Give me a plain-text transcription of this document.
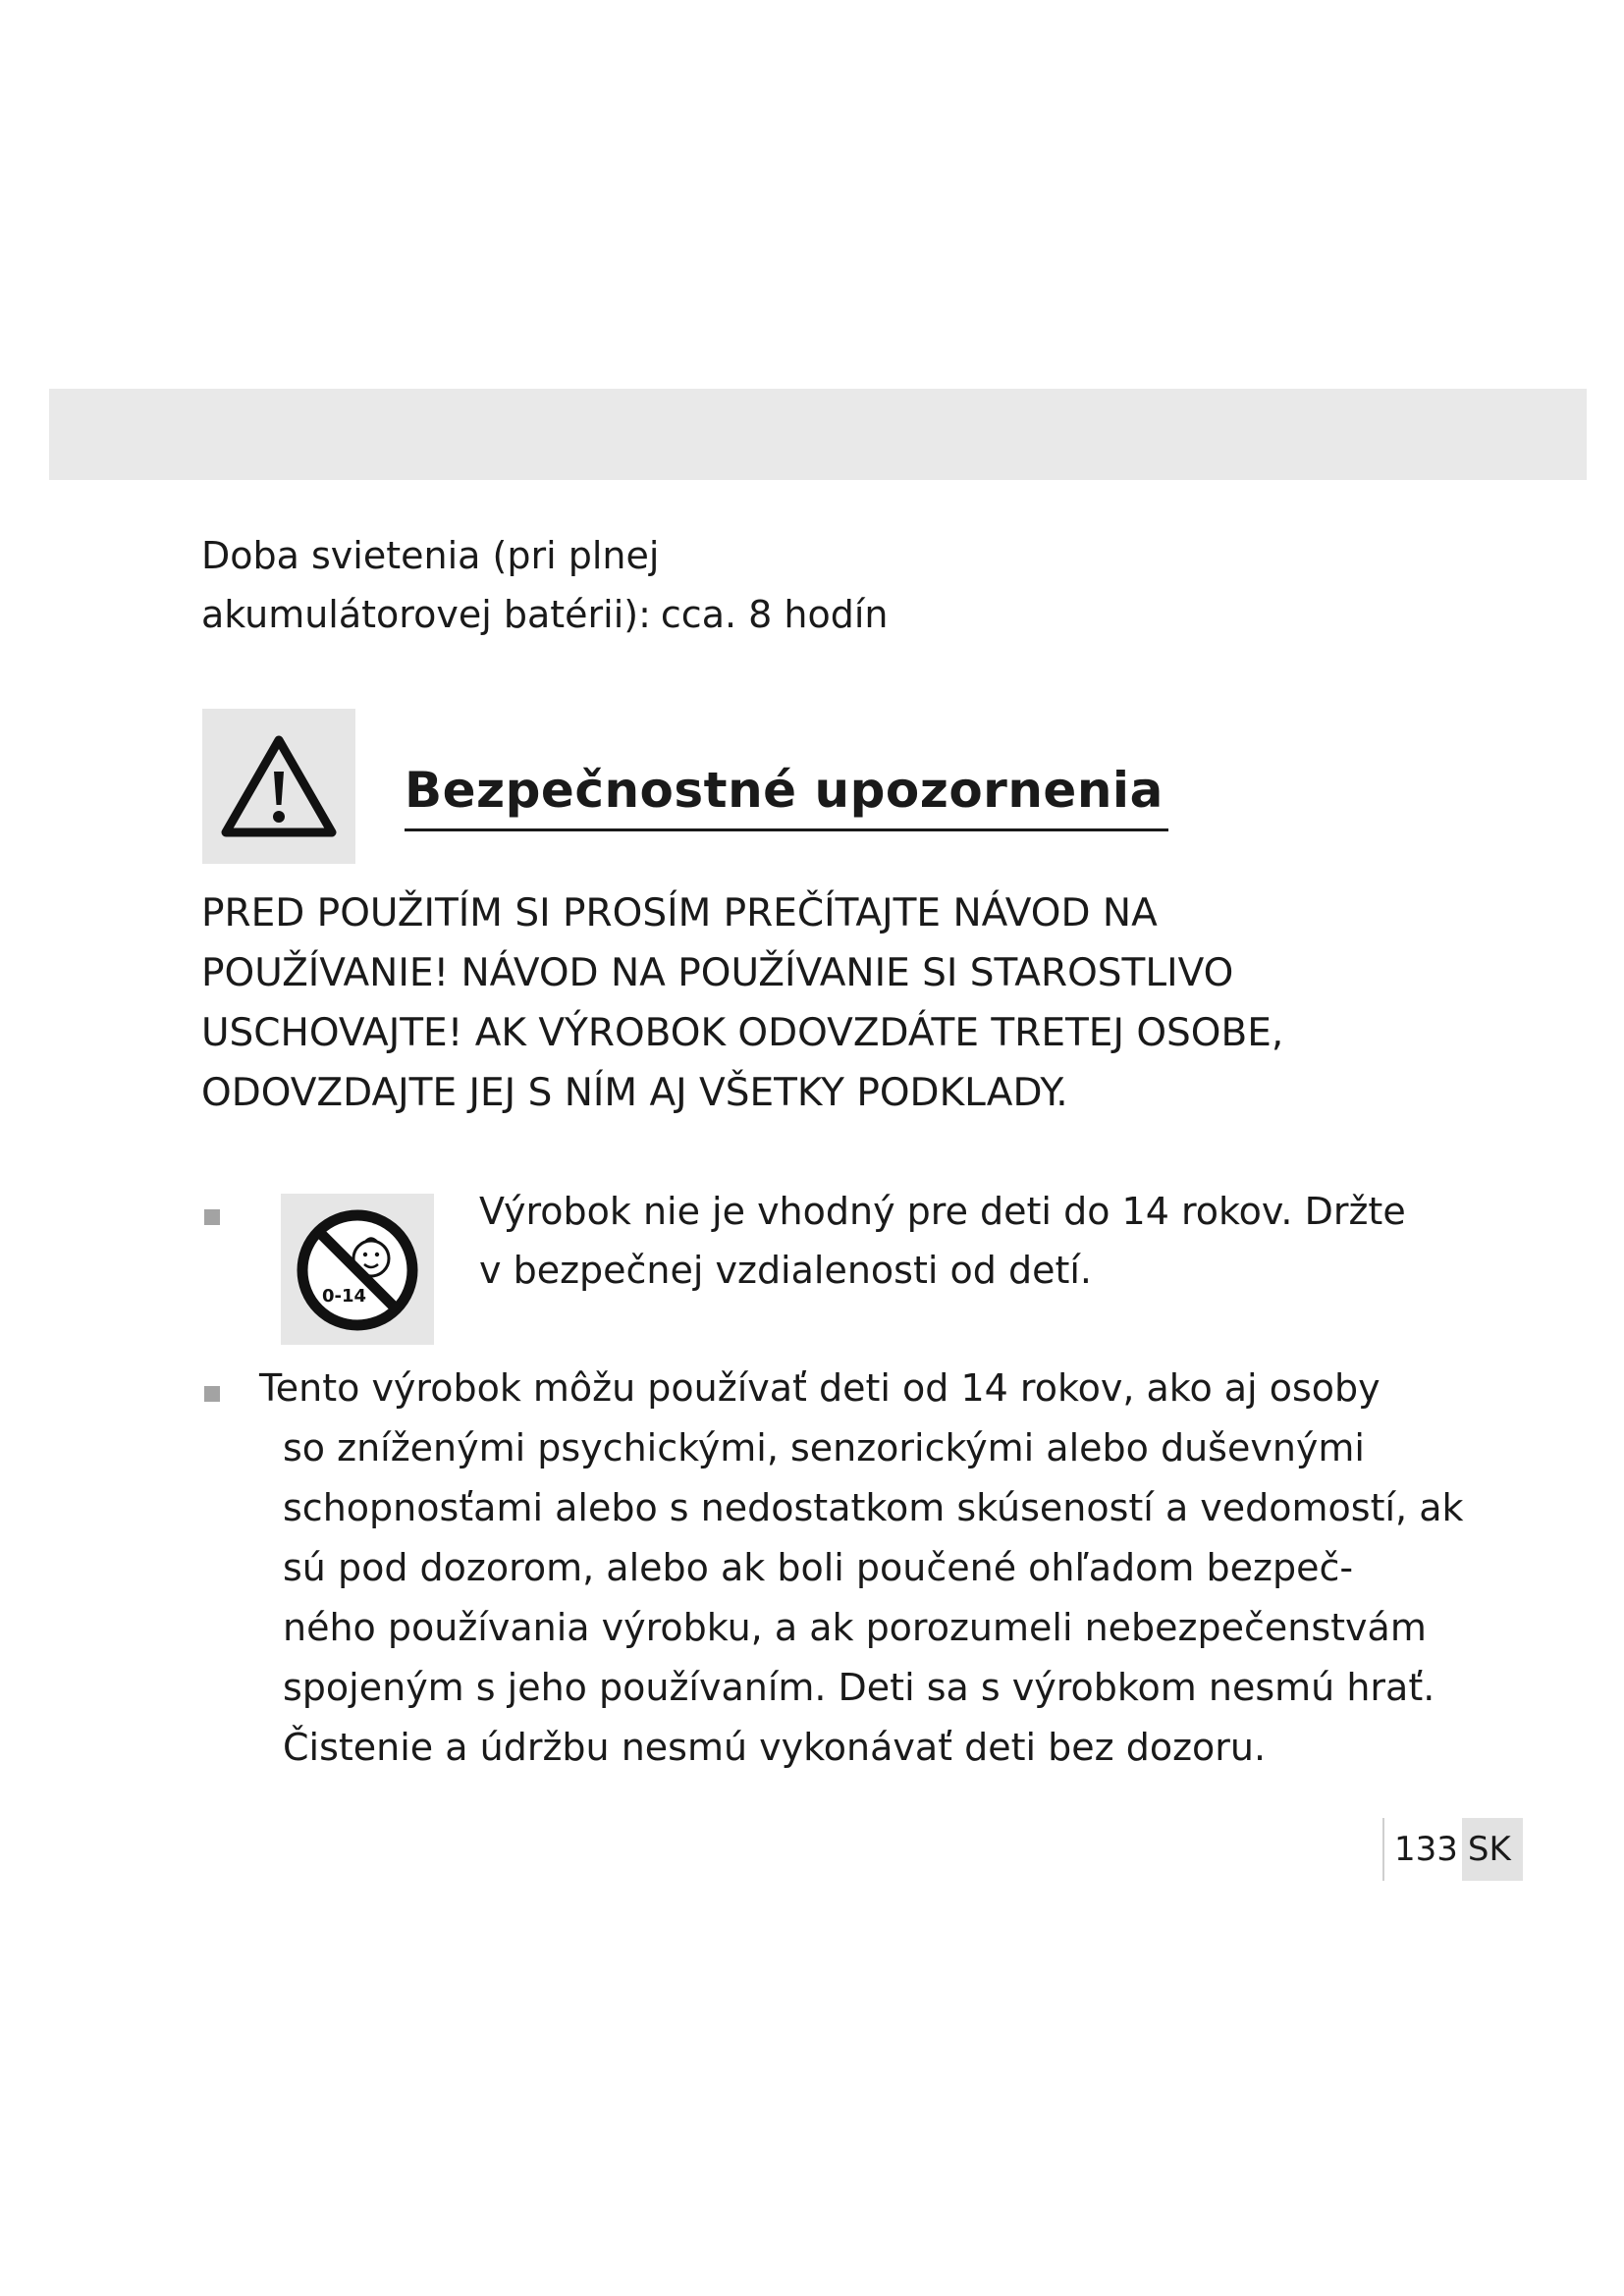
Doba svietenia (pri plnej
akumulátorovej batérii): cca. 8 hodín
Bezpečnostné upozornenia
PRED POUŽITÍM SI PROSÍM PREČÍTAJTE NÁVOD NA
POUŽÍVANIE! NÁVOD NA POUŽÍVANIE SI STAROSTLIVO
USCHOVAJTE! AK VÝROBOK ODOVZDÁTE TRETEJ OSOBE,
ODOVZDAJTE JEJ S NÍM AJ VŠETKY PODKLADY.
0-14
Výrobok nie je vhodný pre deti do 14 rokov. Držte
v bezpečnej vzdialenosti od detí.
Tento výrobok môžu používať deti od 14 rokov, ako aj osoby
so zníženými psychickými, senzorickými alebo duševnými
schopnosťami alebo s nedostatkom skúseností a vedomostí, ak
sú pod dozorom, alebo ak boli poučené ohľadom bezpeč-
ného používania výrobku, a ak porozumeli nebezpečenstvám
spojeným s jeho používaním. Deti sa s výrobkom nesmú hrať.
Čistenie a údržbu nesmú vykonávať deti bez dozoru.
133 SK
